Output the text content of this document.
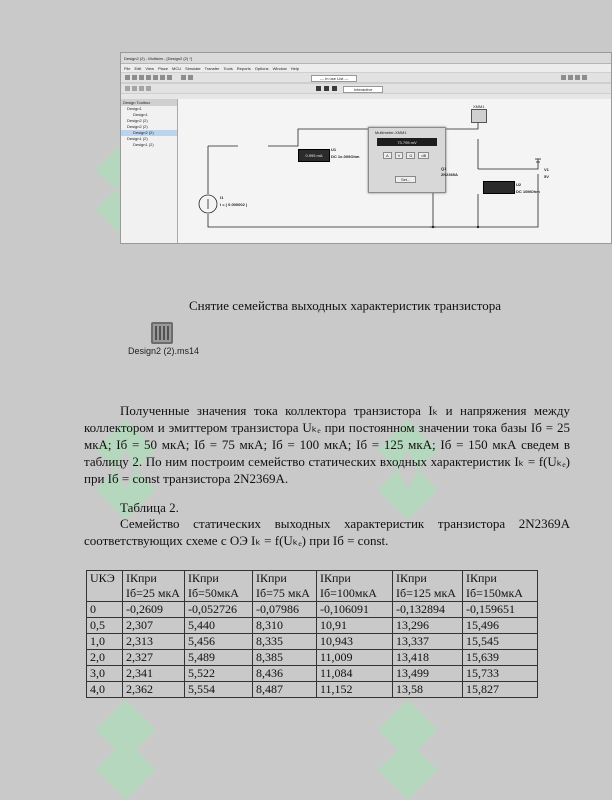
Design2 (2) - Multisim - [Design2 (2) *]
File Edit View Place MCU Simulate Transfer Tools Reports Options Window Help
--- In use List ---
Interactive
Design Toolbox
Design1
Design1
Design2 (2)
Design2 (2)
Design2 (2)
Design1 (2)
Design1 (2)
0.995 mA
U1
DC 1e-009Ohm
Multimeter-XMM1
73.795 mV
A	V	Ω	dB
Set...
I1
I = ( 0.000002 )
Q1
2N2369A
V1
5V
U2
DC 10MOhm
XMM1
Снятие семейства выходных характеристик транзистора
Design2 (2).ms14

Полученные значения тока коллектора транзистора Iₖ и напряжения между коллектором и эмиттером транзистора Uₖₑ при постоянном значении тока базы Iб = 25 мкА; Iб = 50 мкА; Iб = 75 мкА; Iб = 100 мкА; Iб = 125 мкА; Iб = 150 мкА сведем в таблицу 2. По ним построим семейство статических входных характеристик Iₖ = f(Uₖₑ) при Iб = const транзистора 2N2369А.

Таблица 2.
Семейство статических выходных характеристик транзистора 2N2369А соответствующих схеме с ОЭ Iₖ = f(Uₖₑ) при Iб = const.
UКЭ	IКпри Iб=25 мкА	IКпри Iб=50мкА	IКпри Iб=75 мкА	IКпри Iб=100мкА	IКпри Iб=125 мкА	IКпри Iб=150мкА
0	-0,2609	-0,052726	-0,07986	-0,106091	-0,132894	-0,159651
0,5	2,307	5,440	8,310	10,91	13,296	15,496
1,0	2,313	5,456	8,335	10,943	13,337	15,545
2,0	2,327	5,489	8,385	11,009	13,418	15,639
3,0	2,341	5,522	8,436	11,084	13,499	15,733
4,0	2,362	5,554	8,487	11,152	13,58	15,827
